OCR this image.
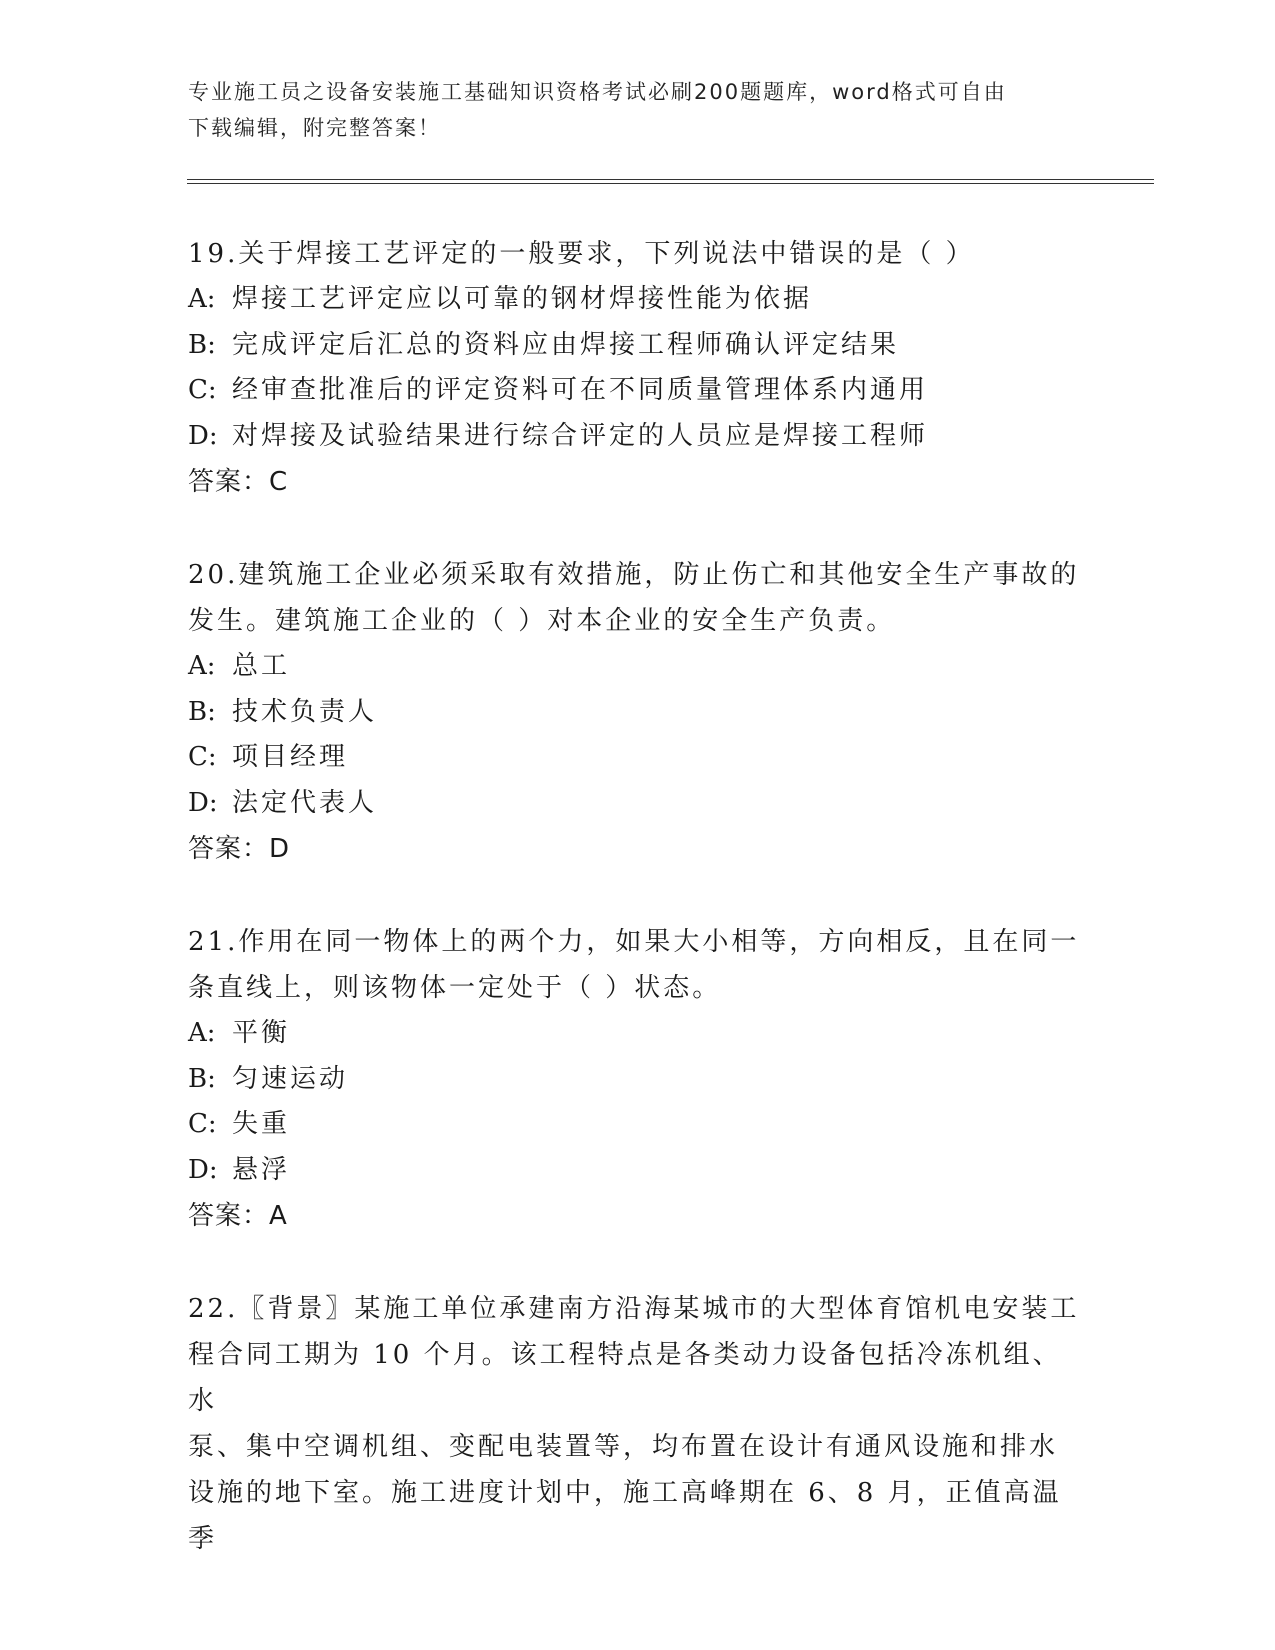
专业施工员之设备安装施工基础知识资格考试必刷200题题库，word格式可自由
下载编辑，附完整答案！
19.关于焊接工艺评定的一般要求，下列说法中错误的是（ ）
A: 焊接工艺评定应以可靠的钢材焊接性能为依据
B: 完成评定后汇总的资料应由焊接工程师确认评定结果
C: 经审查批准后的评定资料可在不同质量管理体系内通用
D: 对焊接及试验结果进行综合评定的人员应是焊接工程师
答案：C
20.建筑施工企业必须采取有效措施，防止伤亡和其他安全生产事故的
发生。建筑施工企业的（ ）对本企业的安全生产负责。
A: 总工
B: 技术负责人
C: 项目经理
D: 法定代表人
答案：D
21.作用在同一物体上的两个力，如果大小相等，方向相反，且在同一
条直线上，则该物体一定处于（ ）状态。
A: 平衡
B: 匀速运动
C: 失重
D: 悬浮
答案：A
22.〖背景〗某施工单位承建南方沿海某城市的大型体育馆机电安装工
程合同工期为 10 个月。该工程特点是各类动力设备包括冷冻机组、水
泵、集中空调机组、变配电装置等，均布置在设计有通风设施和排水
设施的地下室。施工进度计划中，施工高峰期在 6、8 月，正值高温季
